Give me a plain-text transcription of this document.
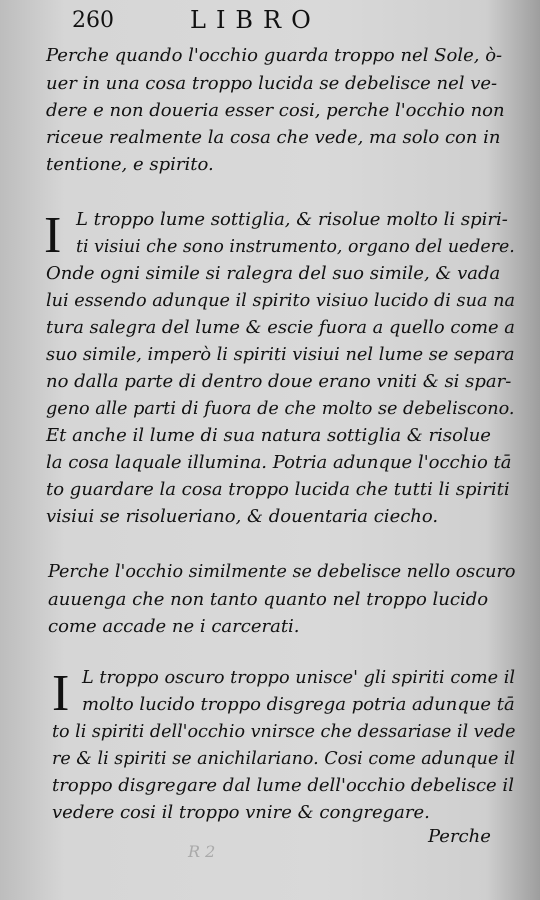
260	LIBRO
Perche quando l'occhio guarda troppo nel Sole, ò-
uer in una cosa troppo lucida se debelisce nel ve-
dere e non doueria esser cosi, perche l'occhio non
riceue realmente la cosa che vede, ma solo con in
tentione, e spirito.
I L troppo lume sottiglia, & risolue molto li spiri-
ti visiui che sono instrumento, organo del uedere.
Onde ogni simile si ralegra del suo simile, & vada
lui essendo adunque il spirito visiuo lucido di sua na
tura salegra del lume & escie fuora a quello come a
suo simile, imperò li spiriti visiui nel lume se separa
no dalla parte di dentro doue erano vniti & si spar-
geno alle parti di fuora de che molto se debeliscono.
Et anche il lume di sua natura sottiglia & risolue
la cosa laquale illumina. Potria adunque l'occhio tā
to guardare la cosa troppo lucida che tutti li spiriti
visiui se risolueriano, & douentaria ciecho.
Perche l'occhio similmente se debelisce nello oscuro
auuenga che non tanto quanto nel troppo lucido
come accade ne i carcerati.
I L troppo oscuro troppo unisce' gli spiriti come il
molto lucido troppo disgrega potria adunque tā
to li spiriti dell'occhio vnirsce che dessariase il vede
re & li spiriti se anichilariano. Cosi come adunque il
troppo disgregare dal lume dell'occhio debelisce il
vedere cosi il troppo vnire & congregare.
Perche
R 2
